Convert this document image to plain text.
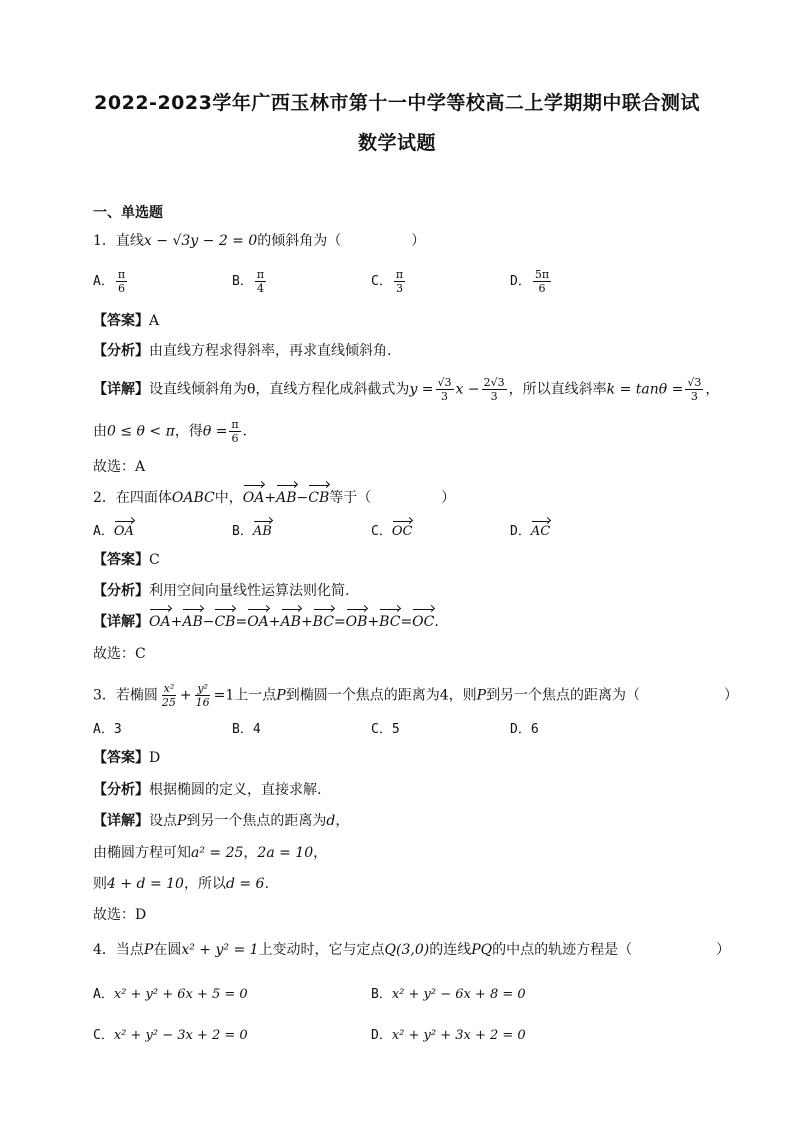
2022-2023学年广西玉林市第十一中学等校高二上学期期中联合测试
数学试题
一、单选题
1．直线x − √3y − 2 = 0的倾斜角为（　　　　　）
A． $\frac{\pi}{6}$	B． $\frac{\pi}{4}$	C． $\frac{\pi}{3}$	D． $\frac{5\pi}{6}$
【答案】A
【分析】由直线方程求得斜率，再求直线倾斜角.
【详解】设直线倾斜角为θ，直线方程化成斜截式为$y = \frac{√3}{3}$ $x - \frac{2√3}{3}$ ，所以直线斜率$k = \tan\theta = \frac{√3}{3}$ ，
由0 ≤ θ < π，得$\theta = \frac{\pi}{6}$ .
故选：A
2．在四面体OABC中，OA+AB−CB等于（　　　　　）
A．OA	B．AB	C．OC	D．AC
【答案】C
【分析】利用空间向量线性运算法则化简.
【详解】OA+AB−CB=OA+AB+BC=OB+BC=OC.
故选：C
3．若椭圆 $\frac{\text{x²}}{25} + \frac{\text{y²}}{16} =1$上一点P到椭圆一个焦点的距离为4，则P到另一个焦点的距离为（　　　　　　）
A．3	B．4	C．5	D．6
【答案】D
【分析】根据椭圆的定义，直接求解.
【详解】设点P到另一个焦点的距离为d，
由椭圆方程可知a² = 25，2a = 10，
则4 + d = 10，所以d = 6.
故选：D
4．当点P在圆x² + y² = 1上变动时，它与定点Q(3,0)的连线PQ的中点的轨迹方程是（　　　　　　）
A．x² + y² + 6x + 5 = 0	B．x² + y² − 6x + 8 = 0
C．x² + y² − 3x + 2 = 0	D．x² + y² + 3x + 2 = 0
